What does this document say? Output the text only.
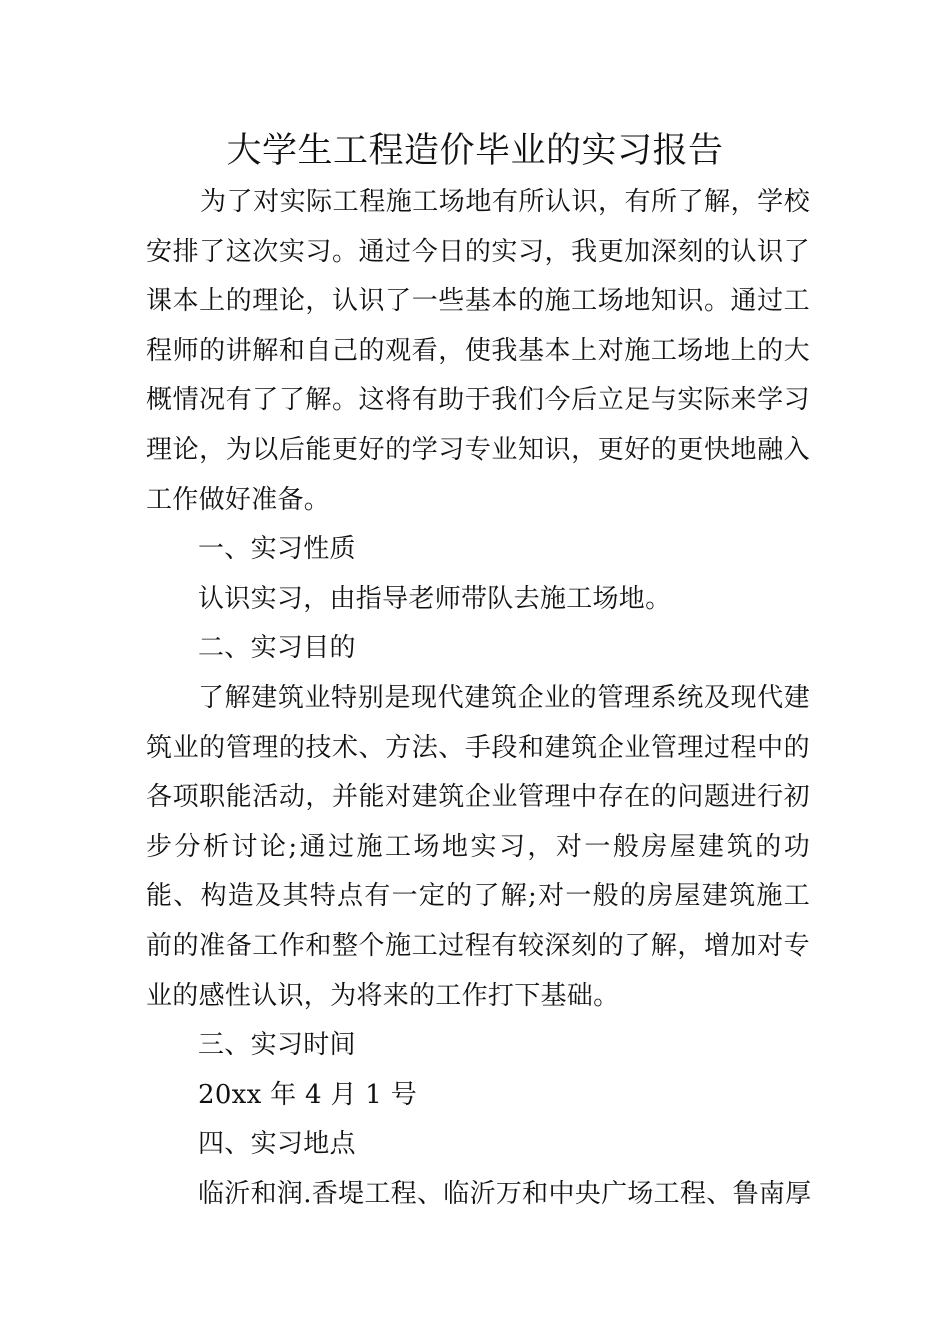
大学生工程造价毕业的实习报告

为了对实际工程施工场地有所认识，有所了解，学校安排了这次实习。通过今日的实习，我更加深刻的认识了课本上的理论，认识了一些基本的施工场地知识。通过工程师的讲解和自己的观看，使我基本上对施工场地上的大概情况有了了解。这将有助于我们今后立足与实际来学习理论，为以后能更好的学习专业知识，更好的更快地融入工作做好准备。

一、实习性质

认识实习，由指导老师带队去施工场地。

二、实习目的

了解建筑业特别是现代建筑企业的管理系统及现代建筑业的管理的技术、方法、手段和建筑企业管理过程中的各项职能活动，并能对建筑企业管理中存在的问题进行初步分析讨论;通过施工场地实习，对一般房屋建筑的功能、构造及其特点有一定的了解;对一般的房屋建筑施工前的准备工作和整个施工过程有较深刻的了解，增加对专业的感性认识，为将来的工作打下基础。

三、实习时间

20xx 年 4 月 1 号

四、实习地点

临沂和润.香堤工程、临沂万和中央广场工程、鲁南厚
